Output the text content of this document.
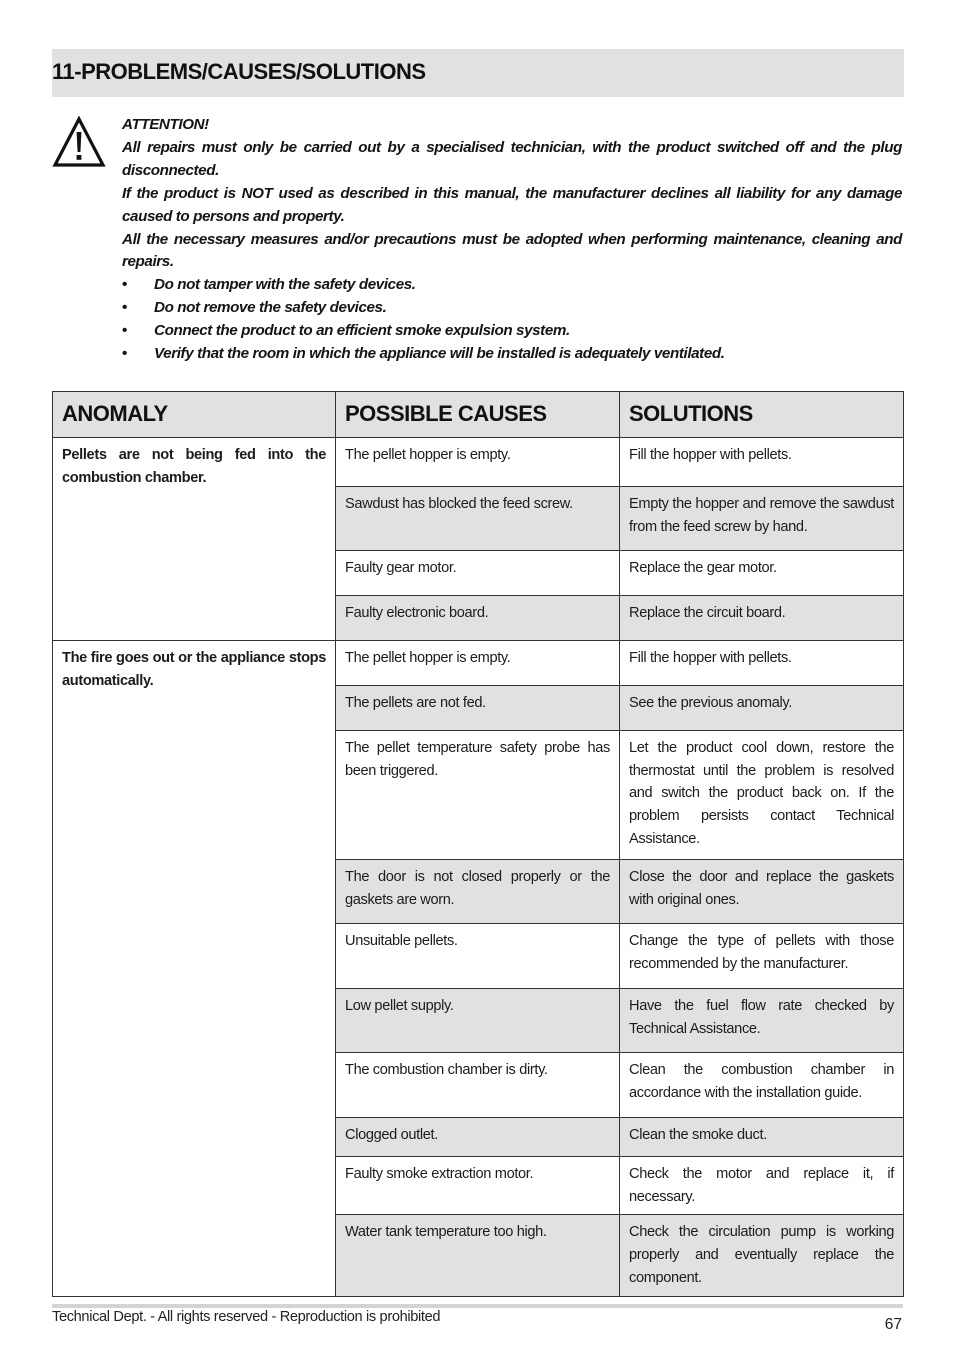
11-PROBLEMS/CAUSES/SOLUTIONS

ATTENTION!

All repairs must only be carried out by a specialised technician, with the product switched off and the plug disconnected.

If the product is NOT used as described in this manual, the manufacturer declines all liability for any damage caused to persons and property.

All the necessary measures and/or precautions must be adopted when performing maintenance, cleaning and repairs.

• Do not tamper with the safety devices.
• Do not remove the safety devices.
• Connect the product to an efficient smoke expulsion system.
• Verify that the room in which the appliance will be installed is adequately ventilated.
ANOMALY	POSSIBLE CAUSES	SOLUTIONS
Pellets are not being fed into the combustion chamber.	The pellet hopper is empty.	Fill the hopper with pellets.
	Sawdust has blocked the feed screw.	Empty the hopper and remove the sawdust from the feed screw by hand.
	Faulty gear motor.	Replace the gear motor.
	Faulty electronic board.	Replace the circuit board.
The fire goes out or the appliance stops automatically.	The pellet hopper is empty.	Fill the hopper with pellets.
	The pellets are not fed.	See the previous anomaly.
	The pellet temperature safety probe has been triggered.	Let the product cool down, restore the thermostat until the problem is resolved and switch the product back on. If the problem persists contact Technical Assistance.
	The door is not closed properly or the gaskets are worn.	Close the door and replace the gaskets with original ones.
	Unsuitable pellets.	Change the type of pellets with those recommended by the manufacturer.
	Low pellet supply.	Have the fuel flow rate checked by Technical Assistance.
	The combustion chamber is dirty.	Clean the combustion chamber in accordance with the installation guide.
	Clogged outlet.	Clean the smoke duct.
	Faulty smoke extraction motor.	Check the motor and replace it, if necessary.
	Water tank temperature too high.	Check the circulation pump is working properly and eventually replace the component.
Technical Dept. - All rights reserved - Reproduction is prohibited	67
